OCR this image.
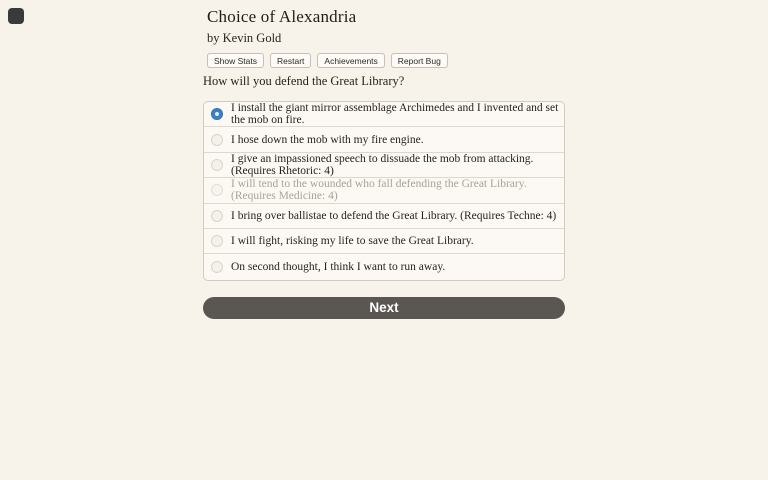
Choice of Alexandria
by Kevin Gold
Show Stats	Restart	Achievements	Report Bug
How will you defend the Great Library?
I install the giant mirror assemblage Archimedes and I invented and set the mob on fire.
I hose down the mob with my fire engine.
I give an impassioned speech to dissuade the mob from attacking. (Requires Rhetoric: 4)
I will tend to the wounded who fall defending the Great Library. (Requires Medicine: 4)
I bring over ballistae to defend the Great Library. (Requires Techne: 4)
I will fight, risking my life to save the Great Library.
On second thought, I think I want to run away.
Next
